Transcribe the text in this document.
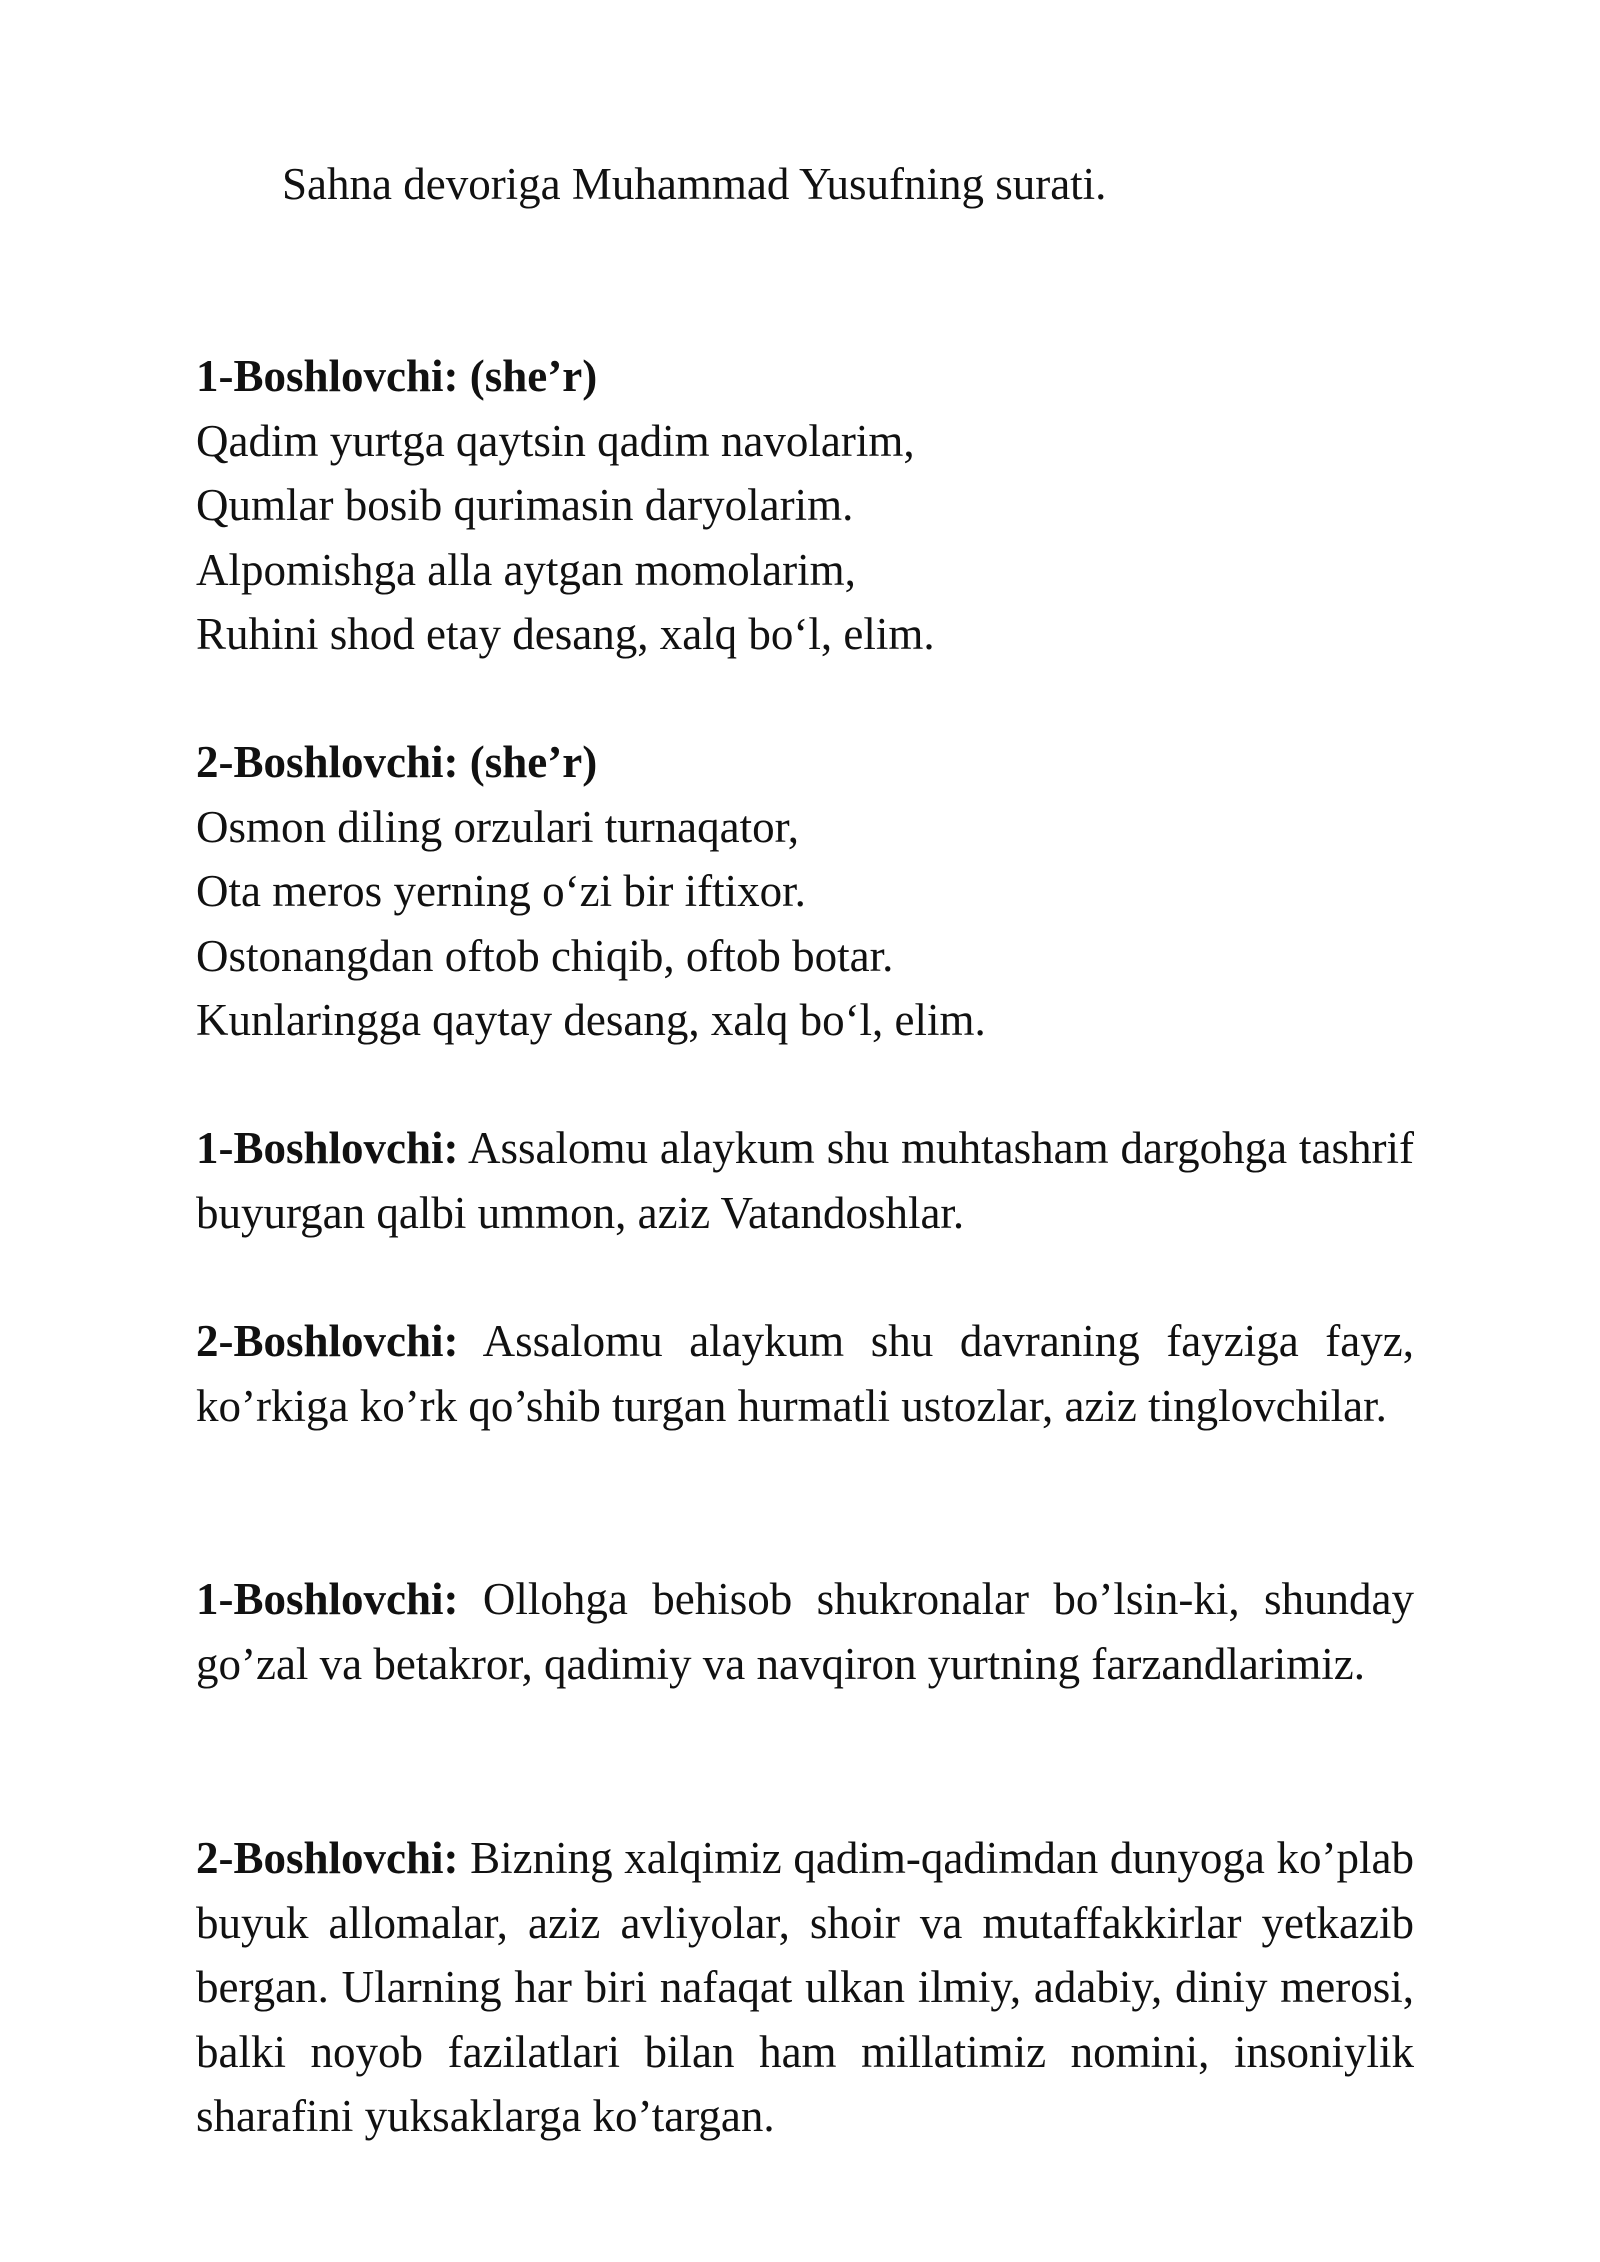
Sahna devoriga Muhammad Yusufning surati.
1-Boshlovchi: (she’r)
Qadim yurtga qaytsin qadim navolarim,
Qumlar bosib qurimasin daryolarim.
Alpomishga alla aytgan momolarim,
Ruhini shod etay desang, xalq bo‘l, elim.
2-Boshlovchi: (she’r)
Osmon diling orzulari turnaqator,
Ota meros yerning o‘zi bir iftixor.
Ostonangdan oftob chiqib, oftob botar.
Kunlaringga qaytay desang, xalq bo‘l, elim.

1-Boshlovchi: Assalomu alaykum shu muhtasham dargohga tashrif buyurgan qalbi ummon, aziz Vatandoshlar.

2-Boshlovchi: Assalomu alaykum shu davraning fayziga fayz, ko’rkiga ko’rk qo’shib turgan hurmatli ustozlar, aziz tinglovchilar.

1-Boshlovchi: Ollohga behisob shukronalar bo’lsin-ki, shunday go’zal va betakror, qadimiy va navqiron yurtning farzandlarimiz.

2-Boshlovchi: Bizning xalqimiz qadim-qadimdan dunyoga ko’plab buyuk allomalar, aziz avliyolar, shoir va mutaffakkirlar yetkazib bergan. Ularning har biri nafaqat ulkan ilmiy, adabiy, diniy merosi, balki noyob fazilatlari bilan ham millatimiz nomini, insoniylik sharafini yuksaklarga ko’targan.
